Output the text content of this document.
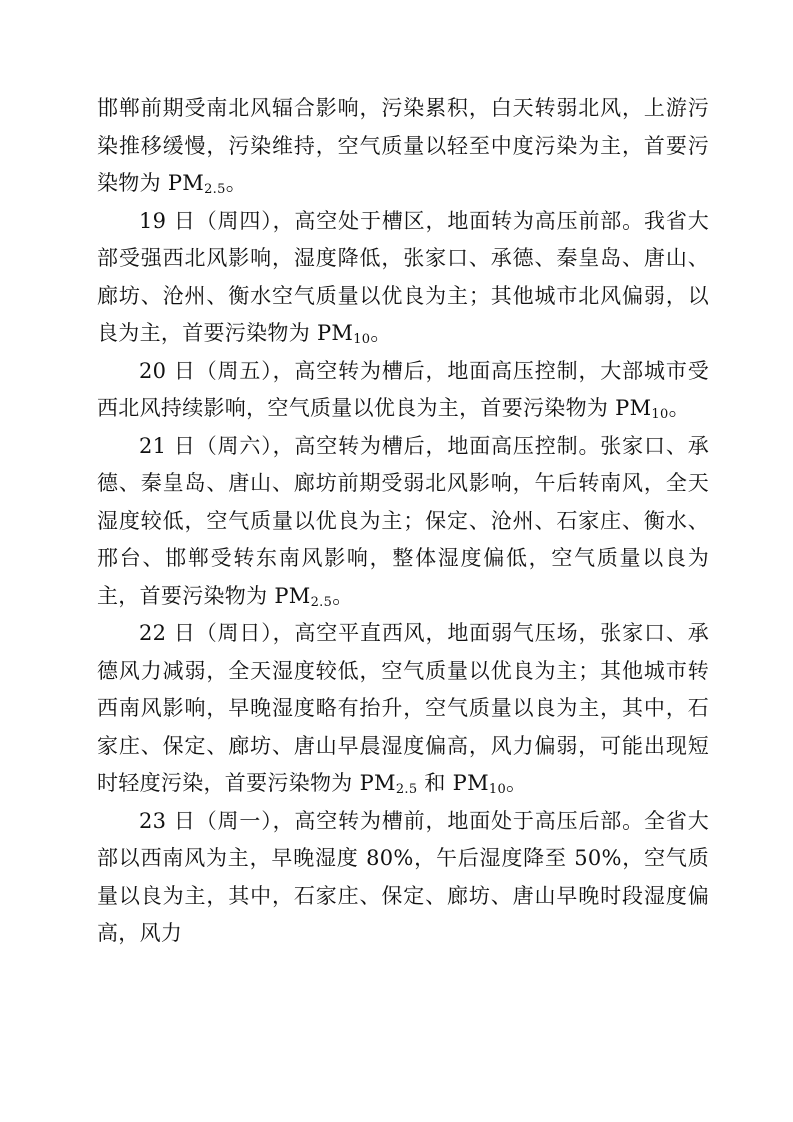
邯郸前期受南北风辐合影响，污染累积，白天转弱北风，上游污染推移缓慢，污染维持，空气质量以轻至中度污染为主，首要污染物为 PM2.5。

19 日（周四），高空处于槽区，地面转为高压前部。我省大部受强西北风影响，湿度降低，张家口、承德、秦皇岛、唐山、廊坊、沧州、衡水空气质量以优良为主；其他城市北风偏弱，以良为主，首要污染物为 PM10。

20 日（周五），高空转为槽后，地面高压控制，大部城市受西北风持续影响，空气质量以优良为主，首要污染物为 PM10。

21 日（周六），高空转为槽后，地面高压控制。张家口、承德、秦皇岛、唐山、廊坊前期受弱北风影响，午后转南风，全天湿度较低，空气质量以优良为主；保定、沧州、石家庄、衡水、邢台、邯郸受转东南风影响，整体湿度偏低，空气质量以良为主，首要污染物为 PM2.5。

22 日（周日），高空平直西风，地面弱气压场，张家口、承德风力减弱，全天湿度较低，空气质量以优良为主；其他城市转西南风影响，早晚湿度略有抬升，空气质量以良为主，其中，石家庄、保定、廊坊、唐山早晨湿度偏高，风力偏弱，可能出现短时轻度污染，首要污染物为 PM2.5 和 PM10。

23 日（周一），高空转为槽前，地面处于高压后部。全省大部以西南风为主，早晚湿度 80%，午后湿度降至 50%，空气质量以良为主，其中，石家庄、保定、廊坊、唐山早晚时段湿度偏高，风力
